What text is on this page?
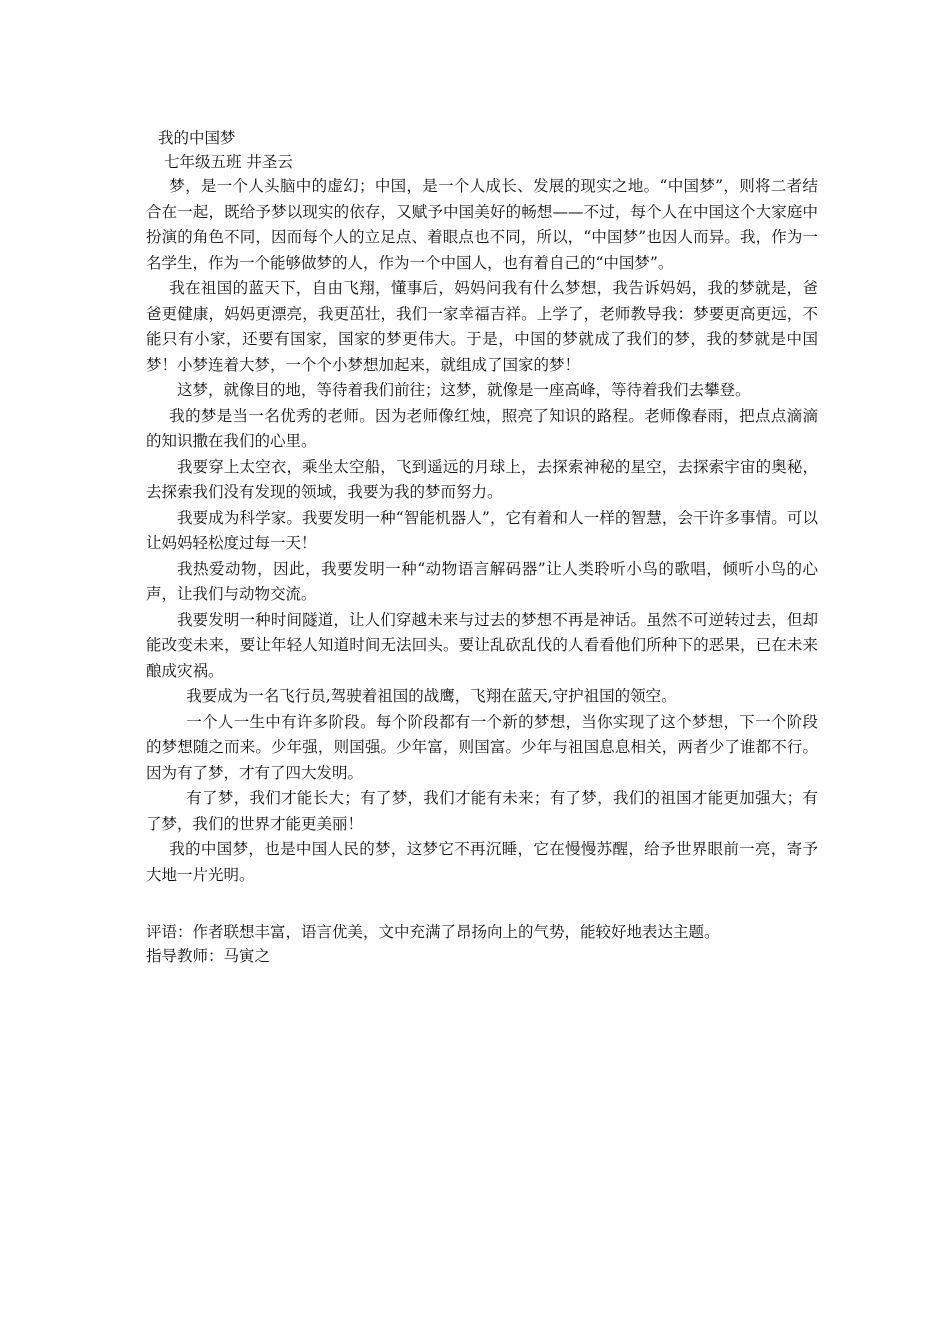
我的中国梦
七年级五班 井圣云

梦，是一个人头脑中的虚幻；中国，是一个人成长、发展的现实之地。“中国梦”，则将二者结合在一起，既给予梦以现实的依存，又赋予中国美好的畅想——不过，每个人在中国这个大家庭中扮演的角色不同，因而每个人的立足点、着眼点也不同，所以，“中国梦”也因人而异。我，作为一名学生，作为一个能够做梦的人，作为一个中国人，也有着自己的“中国梦”。

我在祖国的蓝天下，自由飞翔，懂事后，妈妈问我有什么梦想，我告诉妈妈，我的梦就是，爸爸更健康，妈妈更漂亮，我更茁壮，我们一家幸福吉祥。上学了，老师教导我：梦要更高更远，不能只有小家，还要有国家，国家的梦更伟大。于是，中国的梦就成了我们的梦，我的梦就是中国梦！小梦连着大梦，一个个小梦想加起来，就组成了国家的梦！

这梦，就像目的地，等待着我们前往；这梦，就像是一座高峰，等待着我们去攀登。

我的梦是当一名优秀的老师。因为老师像红烛，照亮了知识的路程。老师像春雨，把点点滴滴的知识撒在我们的心里。

我要穿上太空衣，乘坐太空船，飞到遥远的月球上，去探索神秘的星空，去探索宇宙的奥秘，去探索我们没有发现的领域，我要为我的梦而努力。

我要成为科学家。我要发明一种“智能机器人”，它有着和人一样的智慧，会干许多事情。可以让妈妈轻松度过每一天！

我热爱动物，因此，我要发明一种“动物语言解码器”让人类聆听小鸟的歌唱，倾听小鸟的心声，让我们与动物交流。

我要发明一种时间隧道，让人们穿越未来与过去的梦想不再是神话。虽然不可逆转过去，但却能改变未来，要让年轻人知道时间无法回头。要让乱砍乱伐的人看看他们所种下的恶果，已在未来酿成灾祸。

我要成为一名飞行员,驾驶着祖国的战鹰，飞翔在蓝天,守护祖国的领空。

一个人一生中有许多阶段。每个阶段都有一个新的梦想，当你实现了这个梦想，下一个阶段的梦想随之而来。少年强，则国强。少年富，则国富。少年与祖国息息相关，两者少了谁都不行。因为有了梦，才有了四大发明。

有了梦，我们才能长大；有了梦，我们才能有未来；有了梦，我们的祖国才能更加强大；有了梦，我们的世界才能更美丽！

我的中国梦，也是中国人民的梦，这梦它不再沉睡，它在慢慢苏醒，给予世界眼前一亮，寄予大地一片光明。

评语：作者联想丰富，语言优美，文中充满了昂扬向上的气势，能较好地表达主题。

指导教师：马寅之
